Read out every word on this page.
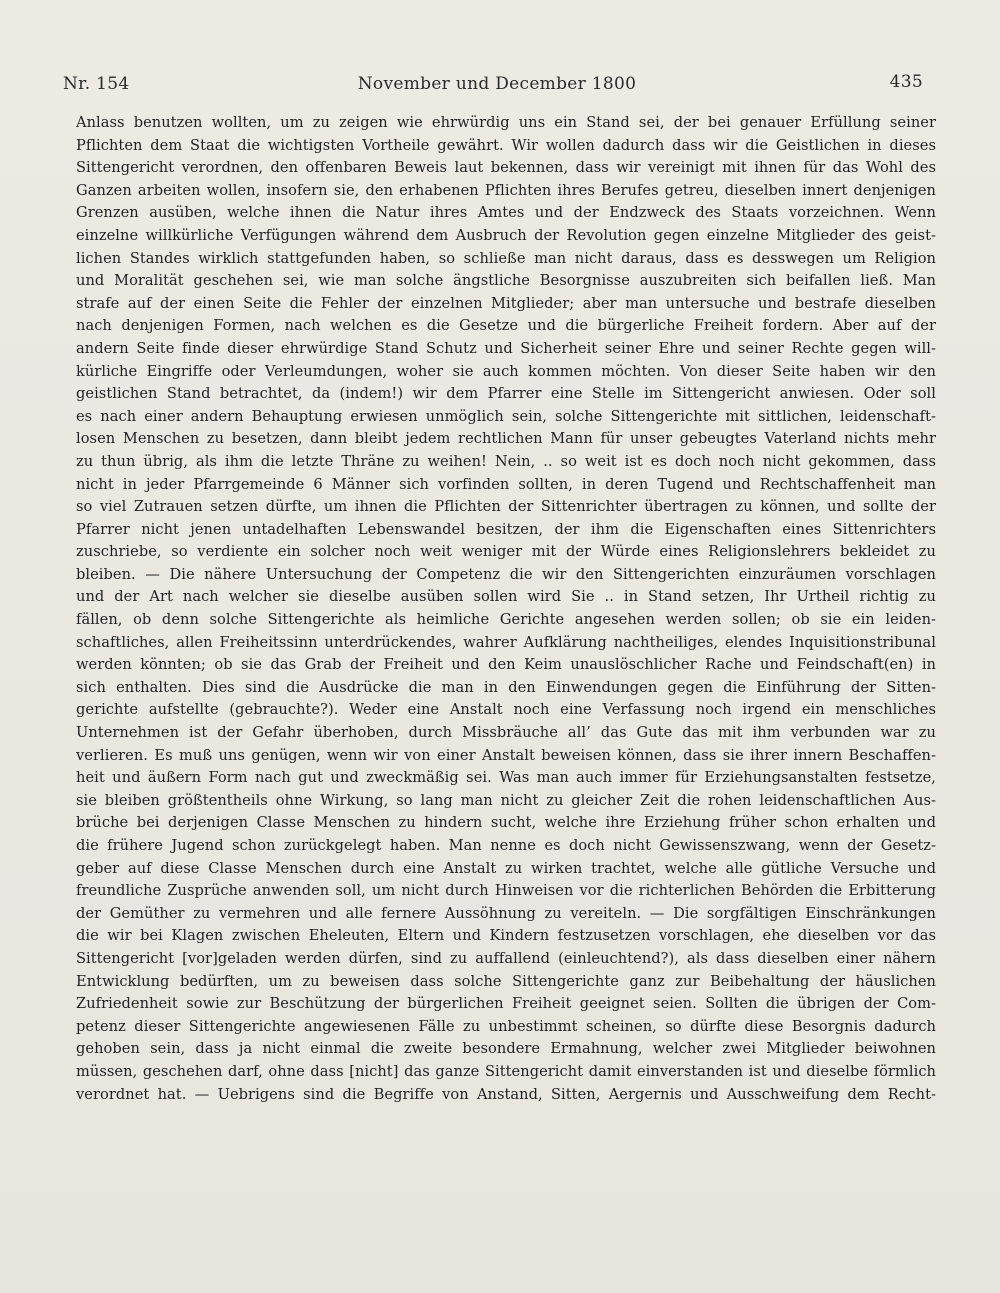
Nr. 154	November und December 1800	435
Anlass benutzen wollten, um zu zeigen wie ehrwürdig uns ein Stand sei, der bei genauer Erfüllung seiner
Pflichten dem Staat die wichtigsten Vortheile gewährt. Wir wollen dadurch dass wir die Geistlichen in dieses
Sittengericht verordnen, den offenbaren Beweis laut bekennen, dass wir vereinigt mit ihnen für das Wohl des
Ganzen arbeiten wollen, insofern sie, den erhabenen Pflichten ihres Berufes getreu, dieselben innert denjenigen
Grenzen ausüben, welche ihnen die Natur ihres Amtes und der Endzweck des Staats vorzeichnen. Wenn
einzelne willkürliche Verfügungen während dem Ausbruch der Revolution gegen einzelne Mitglieder des geist-
lichen Standes wirklich stattgefunden haben, so schließe man nicht daraus, dass es desswegen um Religion
und Moralität geschehen sei, wie man solche ängstliche Besorgnisse auszubreiten sich beifallen ließ. Man
strafe auf der einen Seite die Fehler der einzelnen Mitglieder; aber man untersuche und bestrafe dieselben
nach denjenigen Formen, nach welchen es die Gesetze und die bürgerliche Freiheit fordern. Aber auf der
andern Seite finde dieser ehrwürdige Stand Schutz und Sicherheit seiner Ehre und seiner Rechte gegen will-
kürliche Eingriffe oder Verleumdungen, woher sie auch kommen möchten. Von dieser Seite haben wir den
geistlichen Stand betrachtet, da (indem!) wir dem Pfarrer eine Stelle im Sittengericht anwiesen. Oder soll
es nach einer andern Behauptung erwiesen unmöglich sein, solche Sittengerichte mit sittlichen, leidenschaft-
losen Menschen zu besetzen, dann bleibt jedem rechtlichen Mann für unser gebeugtes Vaterland nichts mehr
zu thun übrig, als ihm die letzte Thräne zu weihen! Nein, .. so weit ist es doch noch nicht gekommen, dass
nicht in jeder Pfarrgemeinde 6 Männer sich vorfinden sollten, in deren Tugend und Rechtschaffenheit man
so viel Zutrauen setzen dürfte, um ihnen die Pflichten der Sittenrichter übertragen zu können, und sollte der
Pfarrer nicht jenen untadelhaften Lebenswandel besitzen, der ihm die Eigenschaften eines Sittenrichters
zuschriebe, so verdiente ein solcher noch weit weniger mit der Würde eines Religionslehrers bekleidet zu
bleiben. — Die nähere Untersuchung der Competenz die wir den Sittengerichten einzuräumen vorschlagen
und der Art nach welcher sie dieselbe ausüben sollen wird Sie .. in Stand setzen, Ihr Urtheil richtig zu
fällen, ob denn solche Sittengerichte als heimliche Gerichte angesehen werden sollen; ob sie ein leiden-
schaftliches, allen Freiheitssinn unterdrückendes, wahrer Aufklärung nachtheiliges, elendes Inquisitionstribunal
werden könnten; ob sie das Grab der Freiheit und den Keim unauslöschlicher Rache und Feindschaft(en) in
sich enthalten. Dies sind die Ausdrücke die man in den Einwendungen gegen die Einführung der Sitten-
gerichte aufstellte (gebrauchte?). Weder eine Anstalt noch eine Verfassung noch irgend ein menschliches
Unternehmen ist der Gefahr überhoben, durch Missbräuche all’ das Gute das mit ihm verbunden war zu
verlieren. Es muß uns genügen, wenn wir von einer Anstalt beweisen können, dass sie ihrer innern Beschaffen-
heit und äußern Form nach gut und zweckmäßig sei. Was man auch immer für Erziehungsanstalten festsetze,
sie bleiben größtentheils ohne Wirkung, so lang man nicht zu gleicher Zeit die rohen leidenschaftlichen Aus-
brüche bei derjenigen Classe Menschen zu hindern sucht, welche ihre Erziehung früher schon erhalten und
die frühere Jugend schon zurückgelegt haben. Man nenne es doch nicht Gewissenszwang, wenn der Gesetz-
geber auf diese Classe Menschen durch eine Anstalt zu wirken trachtet, welche alle gütliche Versuche und
freundliche Zusprüche anwenden soll, um nicht durch Hinweisen vor die richterlichen Behörden die Erbitterung
der Gemüther zu vermehren und alle fernere Aussöhnung zu vereiteln. — Die sorgfältigen Einschränkungen
die wir bei Klagen zwischen Eheleuten, Eltern und Kindern festzusetzen vorschlagen, ehe dieselben vor das
Sittengericht [vor]geladen werden dürfen, sind zu auffallend (einleuchtend?), als dass dieselben einer nähern
Entwicklung bedürften, um zu beweisen dass solche Sittengerichte ganz zur Beibehaltung der häuslichen
Zufriedenheit sowie zur Beschützung der bürgerlichen Freiheit geeignet seien. Sollten die übrigen der Com-
petenz dieser Sittengerichte angewiesenen Fälle zu unbestimmt scheinen, so dürfte diese Besorgnis dadurch
gehoben sein, dass ja nicht einmal die zweite besondere Ermahnung, welcher zwei Mitglieder beiwohnen
müssen, geschehen darf, ohne dass [nicht] das ganze Sittengericht damit einverstanden ist und dieselbe förmlich
verordnet hat. — Uebrigens sind die Begriffe von Anstand, Sitten, Aergernis und Ausschweifung dem Recht-
